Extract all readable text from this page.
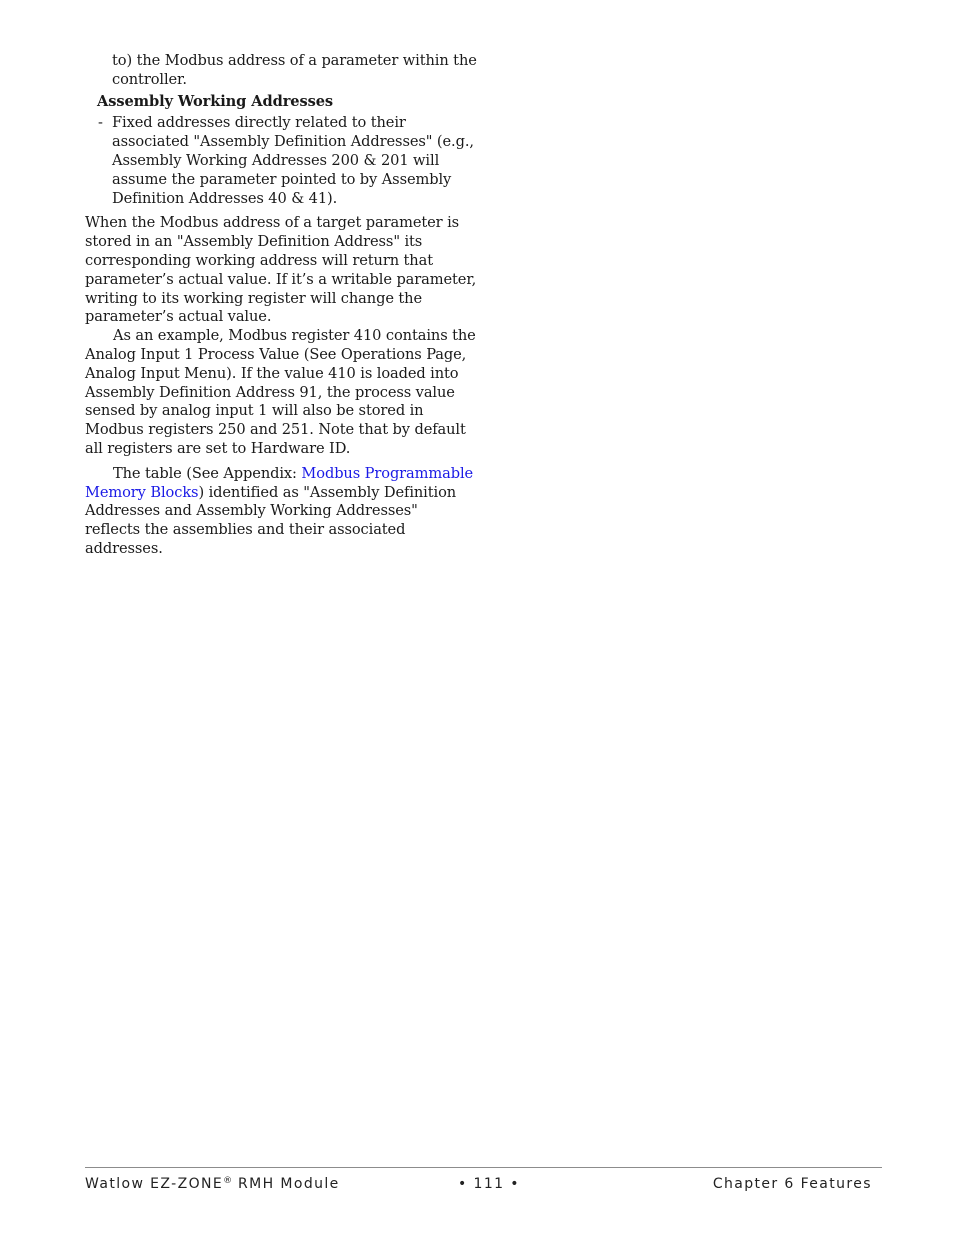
to) the Modbus address of a parameter within the controller.

Assembly Working Addresses

- Fixed addresses directly related to their associated "Assembly Definition Addresses" (e.g., Assembly Working Addresses 200 & 201 will assume the parameter pointed to by Assembly Definition Addresses 40 & 41).

When the Modbus address of a target parameter is stored in an "Assembly Definition Address" its corresponding working address will return that parameter’s actual value. If it’s a writable parameter, writing to its working register will change the parameter’s actual value.

As an example, Modbus register 410 contains the Analog Input 1 Process Value (See Operations Page, Analog Input Menu). If the value 410 is loaded into Assembly Definition Address 91, the process value sensed by analog input 1 will also be stored in Modbus registers 250 and 251. Note that by default all registers are set to Hardware ID.

The table (See Appendix: Modbus Programmable Memory Blocks) identified as "Assembly Definition Addresses and Assembly Working Addresses" reflects the assemblies and their associated addresses.

Watlow EZ-ZONE® RMH Module	• 111 •	Chapter 6 Features
